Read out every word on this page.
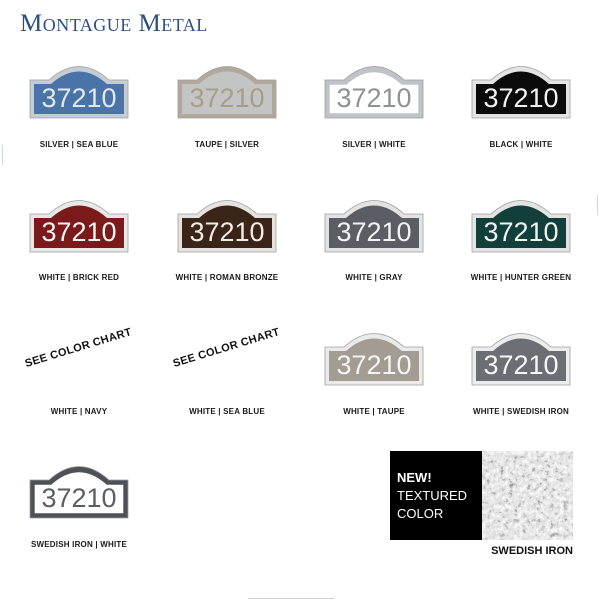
Montague Metal
37210
SILVER | SEA BLUE
37210
TAUPE | SILVER
37210
SILVER | WHITE
37210
BLACK | WHITE
37210
WHITE | BRICK RED
37210
WHITE | ROMAN BRONZE
37210
WHITE | GRAY
37210
WHITE | HUNTER GREEN
SEE COLOR CHART
WHITE | NAVY
SEE COLOR CHART
WHITE | SEA BLUE
37210
WHITE | TAUPE
37210
WHITE | SWEDISH IRON
37210
SWEDISH IRON | WHITE
NEW!
TEXTURED
COLOR
SWEDISH IRON
